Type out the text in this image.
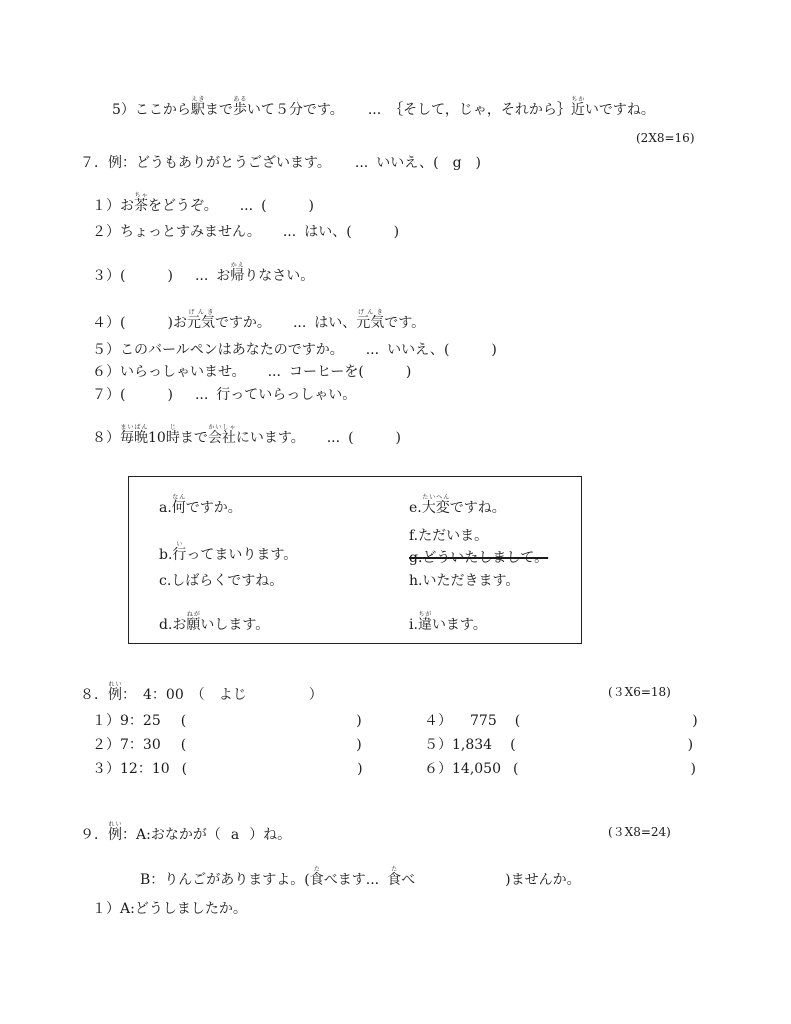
5）ここから駅えきまで歩あるいて５分です。 ... ｛そして，じゃ，それから｝近ちかいですね。
(2X8=16)
７．例：どうもありがとうございます。 ... いいえ、( g )
１）お茶ちゃをどうぞ。 ... (　　　)
２）ちょっとすみません。 ... はい、(　　　)
３）(　　　) ... お帰かえりなさい。
４）(　　　)お元気げんきですか。 ... はい、元気げんきです。
５）このバールペンはあなたのですか。 ... いいえ、(　　　)
６）いらっしゃいませ。 ... コーヒーを(　　　)
７）(　　　) ... 行っていらっしゃい。
８）毎晩まいばん10時じまで会社かいしゃにいます。 ... (　　　)
a.何なんですか。
b.行いってまいります。
c.しばらくですね。
d.お願ねがいします。
e.大変たいへんですね。
f.ただいま。
g.どういたしまして。
h.いただきます。
i.違ちがいます。
８．例れい：　4：00　（　よじ	）	(３X6=18)
１）9：25 (	)
２）7：30 (	)
３）12：10 (	)
４） 775 (	)
５）1,834 (	)
６）14,050 (	)
９．例れい：A:おなかが（ a ）ね。	(３X8=24)
B：りんごがありますよ。(食たべます... 食たべ	)ませんか。
１）A:どうしましたか。
